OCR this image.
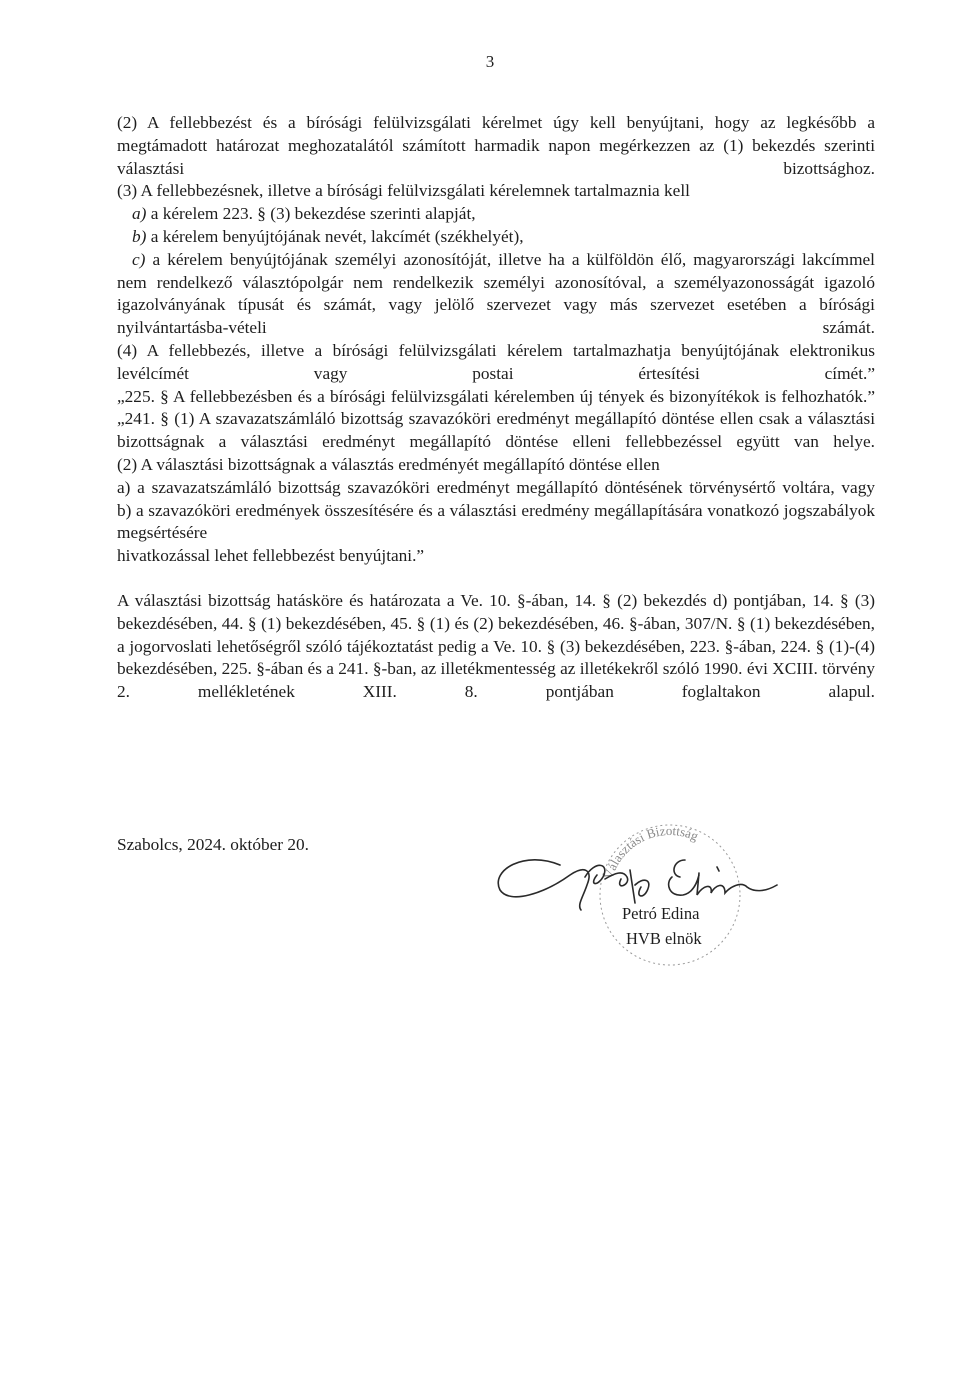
3

(2) A fellebbezést és a bírósági felülvizsgálati kérelmet úgy kell benyújtani, hogy az legkésőbb a megtámadott határozat meghozatalától számított harmadik napon megérkezzen az (1) bekezdés szerinti választási bizottsághoz.

(3) A fellebbezésnek, illetve a bírósági felülvizsgálati kérelemnek tartalmaznia kell

a) a kérelem 223. § (3) bekezdése szerinti alapját,

b) a kérelem benyújtójának nevét, lakcímét (székhelyét),

c) a kérelem benyújtójának személyi azonosítóját, illetve ha a külföldön élő, magyarországi lakcímmel nem rendelkező választópolgár nem rendelkezik személyi azonosítóval, a személyazonosságát igazoló igazolványának típusát és számát, vagy jelölő szervezet vagy más szervezet esetében a bírósági nyilvántartásba-vételi számát.

(4) A fellebbezés, illetve a bírósági felülvizsgálati kérelem tartalmazhatja benyújtójának elektronikus levélcímét vagy postai értesítési címét.”

„225. § A fellebbezésben és a bírósági felülvizsgálati kérelemben új tények és bizonyítékok is felhozhatók.”

„241. § (1) A szavazatszámláló bizottság szavazóköri eredményt megállapító döntése ellen csak a választási bizottságnak a választási eredményt megállapító döntése elleni fellebbezéssel együtt van helye.

(2) A választási bizottságnak a választás eredményét megállapító döntése ellen

a) a szavazatszámláló bizottság szavazóköri eredményt megállapító döntésének törvénysértő voltára, vagy

b) a szavazóköri eredmények összesítésére és a választási eredmény megállapítására vonatkozó jogszabályok megsértésére

hivatkozással lehet fellebbezést benyújtani.”

A választási bizottság hatásköre és határozata a Ve. 10. §-ában, 14. § (2) bekezdés d) pontjában, 14. § (3) bekezdésében, 44. § (1) bekezdésében, 45. § (1) és (2) bekezdésében, 46. §-ában, 307/N. § (1) bekezdésében, a jogorvoslati lehetőségről szóló tájékoztatást pedig a Ve. 10. § (3) bekezdésében, 223. §-ában, 224. § (1)-(4) bekezdésében, 225. §-ában és a 241. §-ban, az illetékmentesség az illetékekről szóló 1990. évi XCIII. törvény 2. mellékletének XIII. 8. pontjában foglaltakon alapul.

Szabolcs, 2024. október 20.
Választási Bizottság
Petró Edina
HVB elnök
